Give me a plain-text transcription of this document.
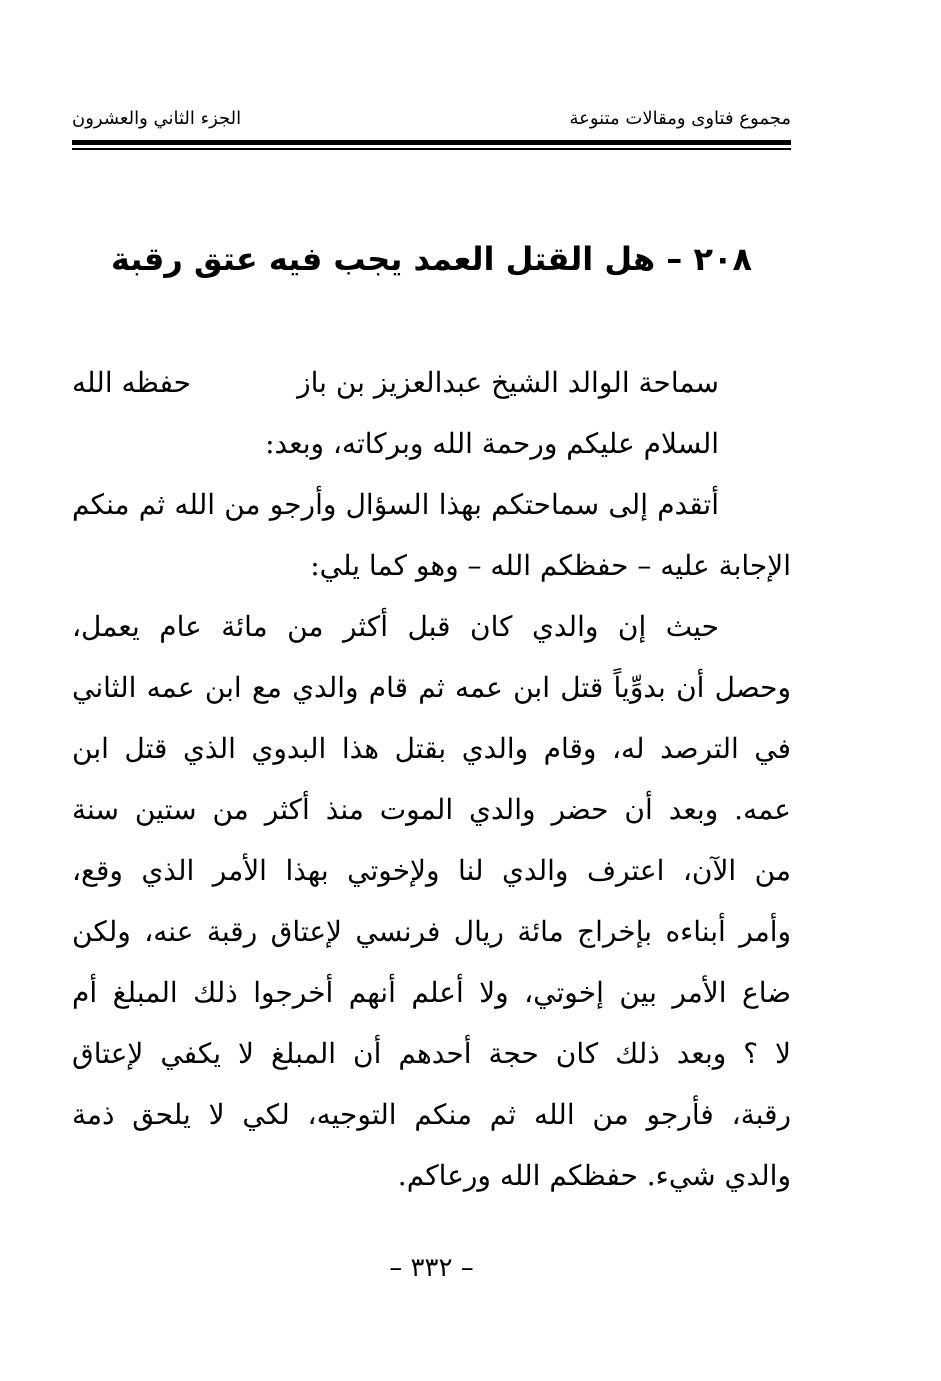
مجموع فتاوى ومقالات متنوعة
الجزء الثاني والعشرون
٢٠٨ – هل القتل العمد يجب فيه عتق رقبة
سماحة الوالد الشيخ عبدالعزيز بن باز
حفظه الله
السلام عليكم ورحمة الله وبركاته، وبعد:
أتقدم إلى سماحتكم بهذا السؤال وأرجو من الله ثم منكم
الإجابة عليه – حفظكم الله – وهو كما يلي:
حيث إن والدي كان قبل أكثر من مائة عام يعمل،
وحصل أن بدوِّياً قتل ابن عمه ثم قام والدي مع ابن عمه الثاني
في الترصد له، وقام والدي بقتل هذا البدوي الذي قتل ابن
عمه. وبعد أن حضر والدي الموت منذ أكثر من ستين سنة
من الآن، اعترف والدي لنا ولإخوتي بهذا الأمر الذي وقع،
وأمر أبناءه بإخراج مائة ريال فرنسي لإعتاق رقبة عنه، ولكن
ضاع الأمر بين إخوتي، ولا أعلم أنهم أخرجوا ذلك المبلغ أم
لا ؟ وبعد ذلك كان حجة أحدهم أن المبلغ لا يكفي لإعتاق
رقبة، فأرجو من الله ثم منكم التوجيه، لكي لا يلحق ذمة
والدي شيء. حفظكم الله ورعاكم.
– ٣٣٢ –
